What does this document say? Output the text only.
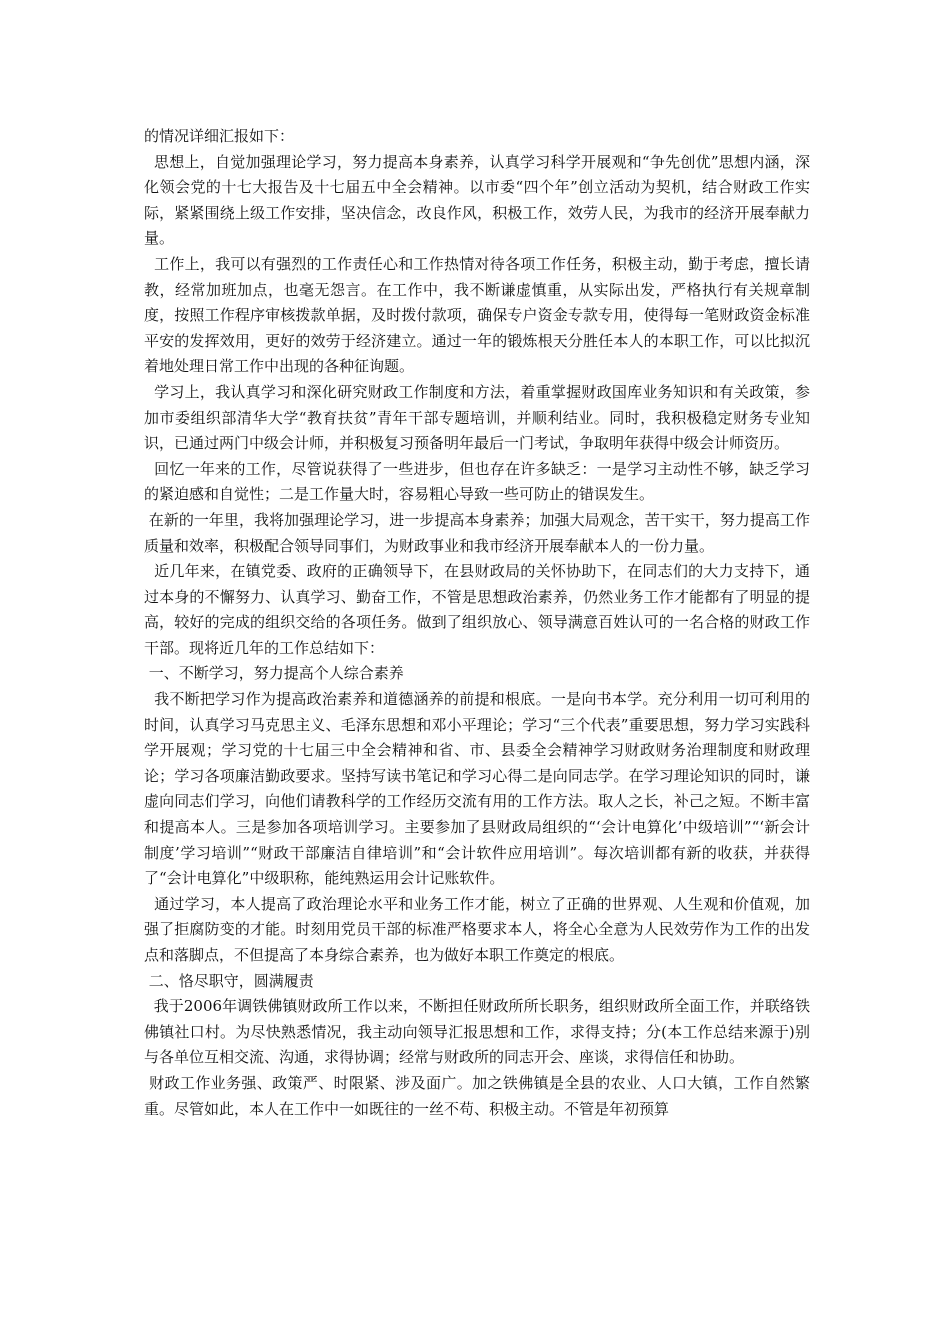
的情况详细汇报如下：

思想上，自觉加强理论学习，努力提高本身素养，认真学习科学开展观和“争先创优”思想内涵，深化领会党的十七大报告及十七届五中全会精神。以市委“四个年”创立活动为契机，结合财政工作实际，紧紧围绕上级工作安排，坚决信念，改良作风，积极工作，效劳人民，为我市的经济开展奉献力量。

工作上，我可以有强烈的工作责任心和工作热情对待各项工作任务，积极主动，勤于考虑，擅长请教，经常加班加点，也毫无怨言。在工作中，我不断谦虚慎重，从实际出发，严格执行有关规章制度，按照工作程序审核拨款单据，及时拨付款项，确保专户资金专款专用，使得每一笔财政资金标准平安的发挥效用，更好的效劳于经济建立。通过一年的锻炼根天分胜任本人的本职工作，可以比拟沉着地处理日常工作中出现的各种征询题。

学习上，我认真学习和深化研究财政工作制度和方法，着重掌握财政国库业务知识和有关政策，参加市委组织部清华大学“教育扶贫”青年干部专题培训，并顺利结业。同时，我积极稳定财务专业知识，已通过两门中级会计师，并积极复习预备明年最后一门考试，争取明年获得中级会计师资历。

回忆一年来的工作，尽管说获得了一些进步，但也存在许多缺乏：一是学习主动性不够，缺乏学习的紧迫感和自觉性；二是工作量大时，容易粗心导致一些可防止的错误发生。

在新的一年里，我将加强理论学习，进一步提高本身素养；加强大局观念，苦干实干，努力提高工作质量和效率，积极配合领导同事们，为财政事业和我市经济开展奉献本人的一份力量。

近几年来，在镇党委、政府的正确领导下，在县财政局的关怀协助下，在同志们的大力支持下，通过本身的不懈努力、认真学习、勤奋工作，不管是思想政治素养，仍然业务工作才能都有了明显的提高，较好的完成的组织交给的各项任务。做到了组织放心、领导满意百姓认可的一名合格的财政工作干部。现将近几年的工作总结如下：

一、不断学习，努力提高个人综合素养

我不断把学习作为提高政治素养和道德涵养的前提和根底。一是向书本学。充分利用一切可利用的时间，认真学习马克思主义、毛泽东思想和邓小平理论；学习“三个代表”重要思想，努力学习实践科学开展观；学习党的十七届三中全会精神和省、市、县委全会精神学习财政财务治理制度和财政理论；学习各项廉洁勤政要求。坚持写读书笔记和学习心得二是向同志学。在学习理论知识的同时，谦虚向同志们学习，向他们请教科学的工作经历交流有用的工作方法。取人之长，补己之短。不断丰富和提高本人。三是参加各项培训学习。主要参加了县财政局组织的“‘会计电算化’中级培训”“‘新会计制度’学习培训”“财政干部廉洁自律培训”和“会计软件应用培训”。每次培训都有新的收获，并获得了“会计电算化”中级职称，能纯熟运用会计记账软件。

通过学习，本人提高了政治理论水平和业务工作才能，树立了正确的世界观、人生观和价值观，加强了拒腐防变的才能。时刻用党员干部的标准严格要求本人，将全心全意为人民效劳作为工作的出发点和落脚点，不但提高了本身综合素养，也为做好本职工作奠定的根底。

二、恪尽职守，圆满履责

我于2006年调铁佛镇财政所工作以来，不断担任财政所所长职务，组织财政所全面工作，并联络铁佛镇社口村。为尽快熟悉情况，我主动向领导汇报思想和工作，求得支持；分(本工作总结来源于)别与各单位互相交流、沟通，求得协调；经常与财政所的同志开会、座谈，求得信任和协助。

财政工作业务强、政策严、时限紧、涉及面广。加之铁佛镇是全县的农业、人口大镇，工作自然繁重。尽管如此，本人在工作中一如既往的一丝不苟、积极主动。不管是年初预算
